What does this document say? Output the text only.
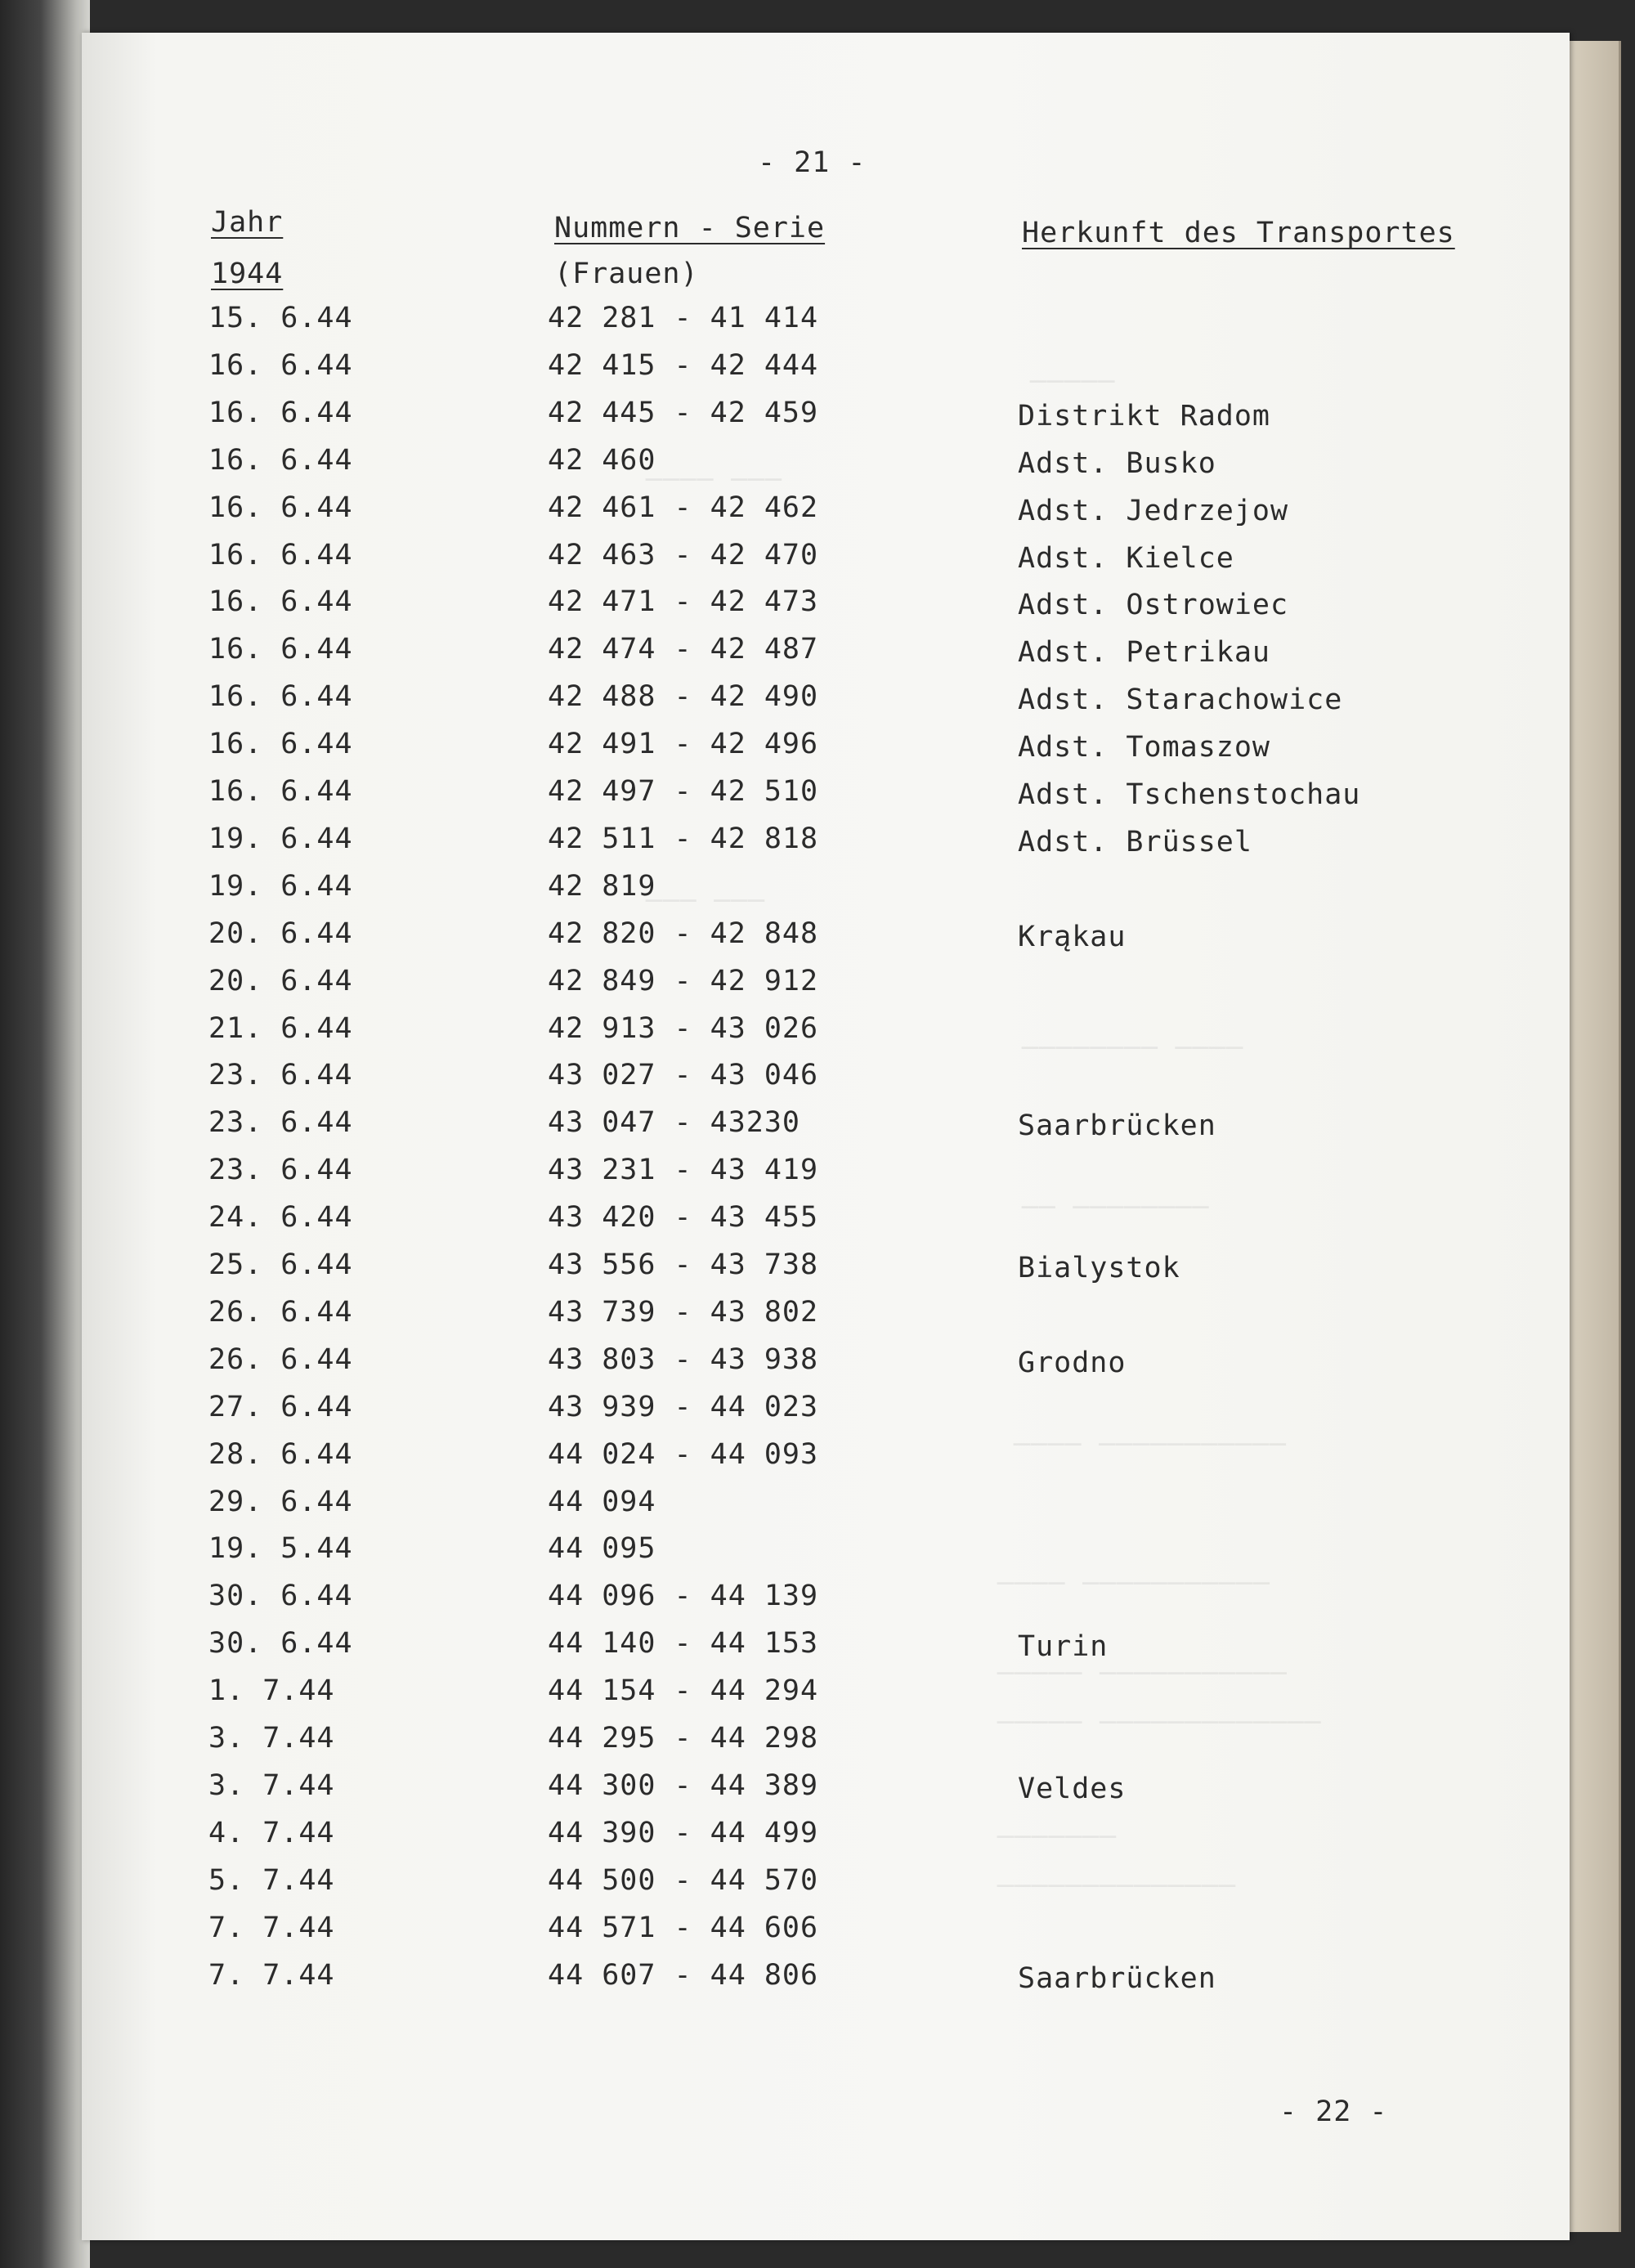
─────
──── ───
─── ───
──────── ────
── ────────
──── ───────────
──── ───────────
───── ───────────
───── ─────────────
───────
──────────────
- 21 -
Jahr
1944
Nummern - Serie
(Frauen)
Herkunft des Transportes
15. 6.44	42 281 - 41 414
16. 6.44	42 415 - 42 444
16. 6.44	42 445 - 42 459	Distrikt Radom
16. 6.44	42 460	Adst. Busko
16. 6.44	42 461 - 42 462	Adst. Jedrzejow
16. 6.44	42 463 - 42 470	Adst. Kielce
16. 6.44	42 471 - 42 473	Adst. Ostrowiec
16. 6.44	42 474 - 42 487	Adst. Petrikau
16. 6.44	42 488 - 42 490	Adst. Starachowice
16. 6.44	42 491 - 42 496	Adst. Tomaszow
16. 6.44	42 497 - 42 510	Adst. Tschenstochau
19. 6.44	42 511 - 42 818	Adst. Brüssel
19. 6.44	42 819
20. 6.44	42 820 - 42 848	Krąkau
20. 6.44	42 849 - 42 912
21. 6.44	42 913 - 43 026
23. 6.44	43 027 - 43 046
23. 6.44	43 047 - 43230	Saarbrücken
23. 6.44	43 231 - 43 419
24. 6.44	43 420 - 43 455
25. 6.44	43 556 - 43 738	Bialystok
26. 6.44	43 739 - 43 802
26. 6.44	43 803 - 43 938	Grodno
27. 6.44	43 939 - 44 023
28. 6.44	44 024 - 44 093
29. 6.44	44 094
19. 5.44	44 095
30. 6.44	44 096 - 44 139
30. 6.44	44 140 - 44 153	Turin
1. 7.44	44 154 - 44 294
3. 7.44	44 295 - 44 298
3. 7.44	44 300 - 44 389	Veldes
4. 7.44	44 390 - 44 499
5. 7.44	44 500 - 44 570
7. 7.44	44 571 - 44 606
7. 7.44	44 607 - 44 806	Saarbrücken
- 22 -
